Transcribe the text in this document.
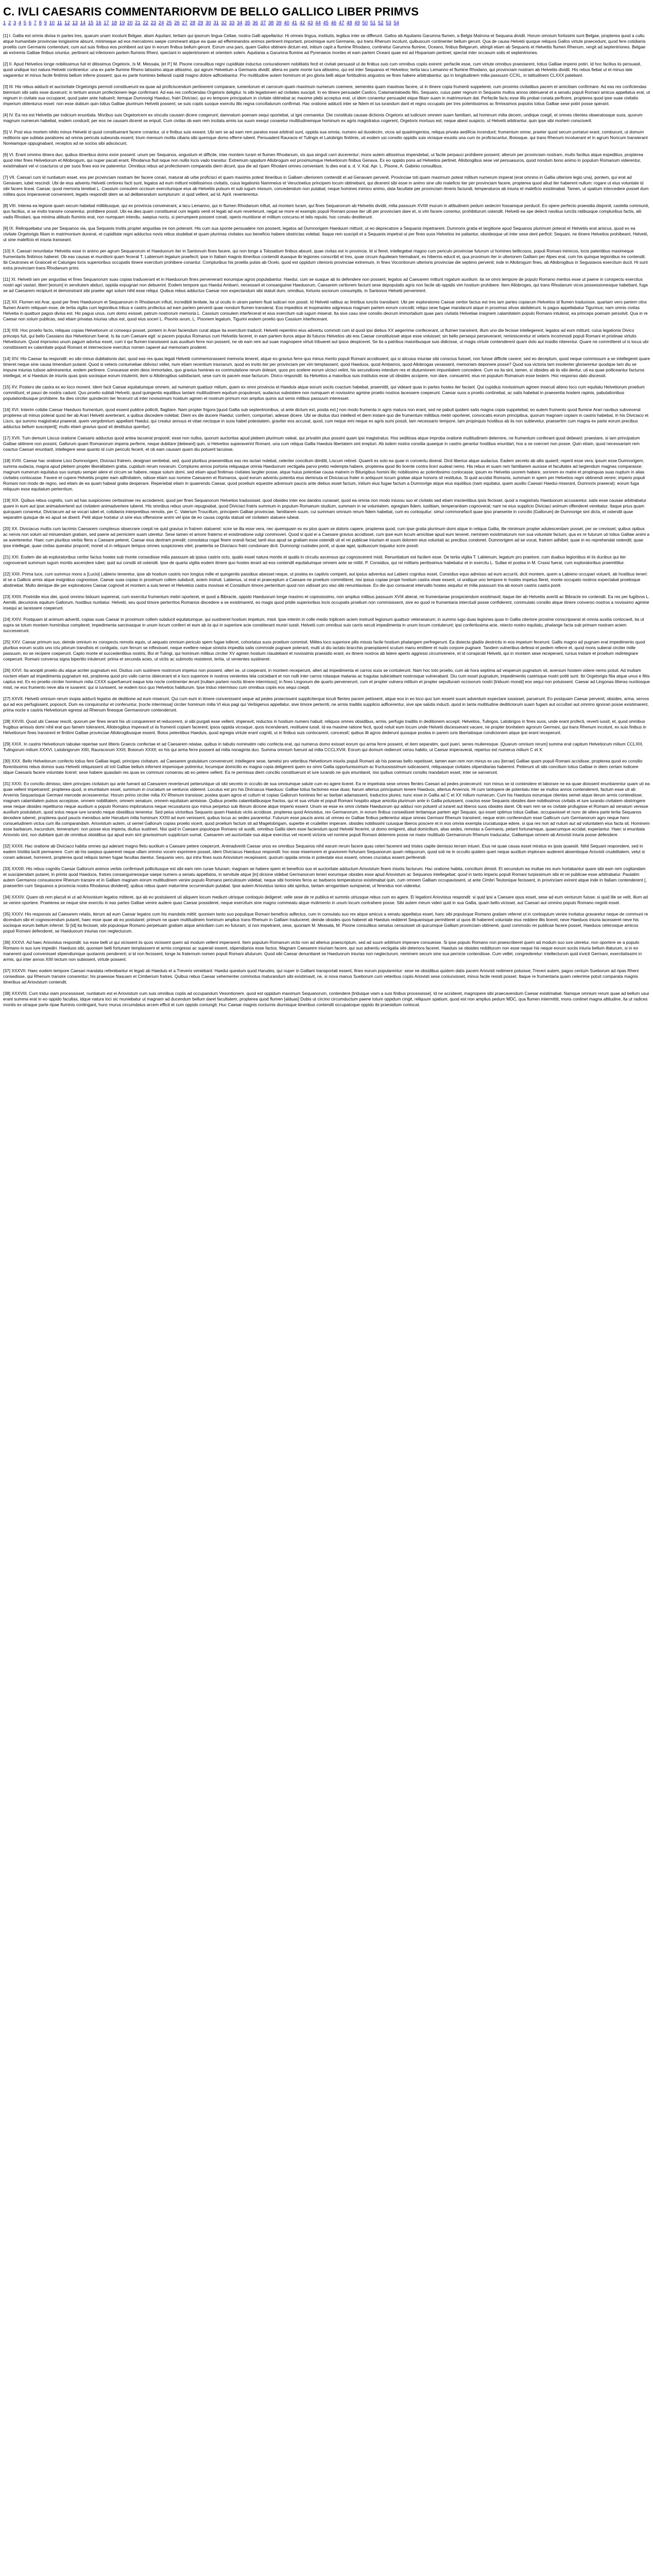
C. IVLI CAESARIS COMMENTARIORVM DE BELLO GALLICO LIBER PRIMVS
1 2 3 4 5 6 7 8 9 10 11 12 13 14 15 16 17 18 19 20 21 22 23 24 25 26 27 28 29 30 31 32 33 34 35 36 37 38 39 40 41 42 43 44 45 46 47 48 49 50 51 52 53 54

[1] I. Gallia est omnis divisa in partes tres, quarum unam incolunt Belgae, aliam Aquitani, tertiam qui ipsorum lingua Celtae, nostra Galli appellantur. Hi omnes lingua, institutis, legibus inter se differunt. Gallos ab Aquitanis Garumna flumen, a Belgis Matrona et Sequana dividit. Horum omnium fortissimi sunt Belgae, propterea quod a cultu atque humanitate provinciae longissime absunt, minimeque ad eos mercatores saepe commeant atque ea quae ad effeminandos animos pertinent important, proximique sunt Germanis, qui trans Rhenum incolunt, quibuscum continenter bellum gerunt. Qua de causa Helvetii quoque reliquos Gallos virtute praecedunt, quod fere cotidianis proeliis cum Germanis contendunt, cum aut suis finibus eos prohibent aut ipsi in eorum finibus bellum gerunt. Eorum una pars, quam Gallos obtinere dictum est, initium capit a flumine Rhodano, continetur Garumna flumine, Oceano, finibus Belgarum, attingit etiam ab Sequanis et Helvetiis flumen Rhenum, vergit ad septentriones. Belgae ab extremis Galliae finibus oriuntur, pertinent ad inferiorem partem fluminis Rheni, spectant in septentrionem et orientem solem. Aquitania a Garumna flumine ad Pyrenaeos montes et eam partem Oceani quae est ad Hispaniam pertinet; spectat inter occasum solis et septentriones.

[2] II. Apud Helvetios longe nobilissimus fuit et ditissimus Orgetorix. Is M. Messala, [et P.] M. Pisone consulibus regni cupiditate inductus coniurationem nobilitatis fecit et civitati persuasit ut de finibus suis cum omnibus copiis exirent: perfacile esse, cum virtute omnibus praestarent, totius Galliae imperio potiri. Id hoc facilius iis persuasit, quod undique loci natura Helvetii continentur: una ex parte flumine Rheno latissimo atque altissimo, qui agrum Helvetium a Germanis dividit; altera ex parte monte Iura altissimo, qui est inter Sequanos et Helvetios; tertia lacu Lemanno et flumine Rhodano, qui provinciam nostram ab Helvetiis dividit. His rebus fiebat ut et minus late vagarentur et minus facile finitimis bellum inferre possent; qua ex parte homines bellandi cupidi magno dolore adficiebantur. Pro multitudine autem hominum et pro gloria belli atque fortitudinis angustos se fines habere arbitrabantur, qui in longitudinem milia passuum CCXL, in latitudinem CLXXX patebant.

[3] III. His rebus adducti et auctoritate Orgetorigis permoti constituerunt ea quae ad proficiscendum pertinerent comparare, iumentorum et carrorum quam maximum numerum coemere, sementes quam maximas facere, ut in itinere copia frumenti suppeteret, cum proximis civitatibus pacem et amicitiam confirmare. Ad eas res conficiendas biennium sibi satis esse duxerunt; in tertium annum profectionem lege confirmant. Ad eas res conficiendas Orgetorix deligitur. Is sibi legationem ad civitates suscipit. In eo itinere persuadet Castico, Catamantaloedis filio, Sequano, cuius pater regnum in Sequanis multos annos obtinuerat et a senatu populi Romani amicus appellatus erat, ut regnum in civitate sua occuparet, quod pater ante habuerit; itemque Dumnorigi Haeduo, fratri Diviciaci, qui eo tempore principatum in civitate obtinebat ac maxime plebi acceptus erat, ut idem conaretur persuadet eique filiam suam in matrimonium dat. Perfacile factu esse illis probat conata perficere, propterea quod ipse suae civitatis imperium obtenturus esset: non esse dubium quin totius Galliae plurimum Helvetii possent; se suis copiis suoque exercitu illis regna conciliaturum confirmat. Hac oratione adducti inter se fidem et ius iurandum dant et regno occupato per tres potentissimos ac firmissimos populos totius Galliae sese potiri posse sperant.

[4] IV. Ea res est Helvetiis per indicium enuntiata. Moribus suis Orgetoricem ex vinculis causam dicere coegerunt; damnatum poenam sequi oportebat, ut igni cremaretur. Die constituta causae dictionis Orgetorix ad iudicium omnem suam familiam, ad hominum milia decem, undique coegit, et omnes clientes obaeratosque suos, quorum magnum numerum habebat, eodem conduxit; per eos ne causam diceret se eripuit. Cum civitas ob eam rem incitata armis ius suum exequi conaretur multitudinemque hominum ex agris magistratus cogerent, Orgetorix mortuus est; neque abest suspicio, ut Helvetii arbitrantur, quin ipse sibi mortem consciverit.

[5] V. Post eius mortem nihilo minus Helvetii id quod constituerant facere conantur, ut e finibus suis exeant. Ubi iam se ad eam rem paratos esse arbitrati sunt, oppida sua omnia, numero ad duodecim, vicos ad quadringentos, reliqua privata aedificia incendunt; frumentum omne, praeter quod secum portaturi erant, comburunt, ut domum reditionis spe sublata paratiores ad omnia pericula subeunda essent; trium mensum molita cibaria sibi quemque domo efferre iubent. Persuadent Rauracis et Tulingis et Latobrigis finitimis, uti eodem usi consilio oppidis suis vicisque exustis una cum iis proficiscantur, Boiosque, qui trans Rhenum incoluerant et in agrum Noricum transierant Noreiamque oppugnabant, receptos ad se socios sibi adsciscunt.

[6] VI. Erant omnino itinera duo, quibus itineribus domo exire possent: unum per Sequanos, angustum et difficile, inter montem Iuram et flumen Rhodanum, vix qua singuli carri ducerentur; mons autem altissimus impendebat, ut facile perpauci prohibere possent; alterum per provinciam nostram, multo facilius atque expeditius, propterea quod inter fines Helvetiorum et Allobrogum, qui nuper pacati erant, Rhodanus fluit isque non nullis locis vado transitur. Extremum oppidum Allobrogum est proximumque Helvetiorum finibus Genava. Ex eo oppido pons ad Helvetios pertinet. Allobrogibus sese vel persuasuros, quod nondum bono animo in populum Romanum viderentur, existimabant vel vi coacturos ut per suos fines eos ire paterentur. Omnibus rebus ad profectionem comparatis diem dicunt, qua die ad ripam Rhodani omnes conveniant. Is dies erat a. d. V. Kal. Apr. L. Pisone, A. Gabinio consulibus.

[7] VII. Caesari cum id nuntiatum esset, eos per provinciam nostram iter facere conari, maturat ab urbe proficisci et quam maximis potest itineribus in Galliam ulteriorem contendit et ad Genavam pervenit. Provinciae toti quam maximum potest militum numerum imperat (erat omnino in Gallia ulteriore legio una), pontem, qui erat ad Genavam, iubet rescindi. Ubi de eius adventu Helvetii certiores facti sunt, legatos ad eum mittunt nobilissimos civitatis, cuius legationis Nammeius et Verucloetius principem locum obtinebant, qui dicerent sibi esse in animo sine ullo maleficio iter per provinciam facere, propterea quod aliud iter haberent nullum: rogare ut eius voluntate id sibi facere liceat. Caesar, quod memoria tenebat L. Cassium consulem occisum exercitumque eius ab Helvetiis pulsum et sub iugum missum, concedendum non putabat; neque homines inimico animo, data facultate per provinciam itineris faciundi, temperaturos ab iniuria et maleficio existimabat. Tamen, ut spatium intercedere posset dum milites quos imperaverat convenirent, legatis respondit diem se ad deliberandum sumpturum: si quid vellent, ad Id. April. reverterentur.

[8] VIII. Interea ea legione quam secum habebat militibusque, qui ex provincia convenerant, a lacu Lemanno, qui in flumen Rhodanum influit, ad montem Iuram, qui fines Sequanorum ab Helvetiis dividit, milia passuum XVIIII murum in altitudinem pedum sedecim fossamque perducit. Eo opere perfecto praesidia disponit, castella communit, quo facilius, si se invito transire conarentur, prohibere possit. Ubi ea dies quam constituerat cum legatis venit et legati ad eum reverterunt, negat se more et exemplo populi Romani posse iter ulli per provinciam dare et, si vim facere conentur, prohibiturum ostendit. Helvetii ea spe deiecti navibus iunctis ratibusque compluribus factis, alii vadis Rhodani, qua minima altitudo fluminis erat, non numquam interdiu, saepius noctu, si perrumpere possent conati, operis munitione et militum concursu et telis repulsi, hoc conatu destiterunt.

[9] IX. Relinquebatur una per Sequanos via, qua Sequanis invitis propter angustias ire non poterant. His cum sua sponte persuadere non possent, legatos ad Dumnorigem Haeduum mittunt, ut eo deprecatore a Sequanis impetrarent. Dumnorix gratia et largitione apud Sequanos plurimum poterat et Helvetiis erat amicus, quod ex ea civitate Orgetorigis filiam in matrimonium duxerat, et cupiditate regni adductus novis rebus studebat et quam plurimas civitates suo beneficio habere obstrictas volebat. Itaque rem suscipit et a Sequanis impetrat ut per fines suos Helvetios ire patiantur, obsidesque uti inter sese dent perficit: Sequani, ne itinere Helvetios prohibeant, Helvetii, ut sine maleficio et iniuria transeant.

[10] X. Caesari renuntiatur Helvetiis esse in animo per agrum Sequanorum et Haeduorum iter in Santonum fines facere, qui non longe a Tolosatium finibus absunt, quae civitas est in provincia. Id si fieret, intellegebat magno cum periculo provinciae futurum ut homines bellicosos, populi Romani inimicos, locis patentibus maximeque frumentariis finitimos haberet. Ob eas causas ei munitioni quam fecerat T. Labienum legatum praefecit; ipse in Italiam magnis itineribus contendit duasque ibi legiones conscribit et tres, quae circum Aquileiam hiemabant, ex hibernis educit et, qua proximum iter in ulteriorem Galliam per Alpes erat, cum his quinque legionibus ire contendit. Ibi Ceutrones et Graioceli et Caturiges locis superioribus occupatis itinere exercitum prohibere conantur. Compluribus his proeliis pulsis ab Ocelo, quod est oppidum citerioris provinciae extremum, in fines Vocontiorum ulterioris provinciae die septimo pervenit; inde in Allobrogum fines, ab Allobrogibus in Segusiavos exercitum ducit. Hi sunt extra provinciam trans Rhodanum primi.

[11] XI. Helvetii iam per angustias et fines Sequanorum suas copias traduxerant et in Haeduorum fines pervenerant eorumque agros populabantur. Haedui, cum se suaque ab iis defendere non possent, legatos ad Caesarem mittunt rogatum auxilium: ita se omni tempore de populo Romano meritos esse ut paene in conspectu exercitus nostri agri vastari, liberi [eorum] in servitutem abduci, oppida expugnari non debuerint. Eodem tempore quo Haedui Ambarri, necessarii et consanguinei Haeduorum, Caesarem certiorem faciunt sese depopulatis agris non facile ab oppidis vim hostium prohibere. Item Allobroges, qui trans Rhodanum vicos possessionesque habebant, fuga se ad Caesarem recipiunt et demonstrant sibi praeter agri solum nihil esse reliqui. Quibus rebus adductus Caesar non expectandum sibi statuit dum, omnibus, fortunis sociorum consumptis, in Santonos Helvetii pervenirent.

[12] XII. Flumen est Arar, quod per fines Haeduorum et Sequanorum in Rhodanum influit, incredibili lenitate, ita ut oculis in utram partem fluat iudicari non possit. Id Helvetii ratibus ac lintribus iunctis transibant. Ubi per exploratores Caesar certior factus est tres iam partes copiarum Helvetios id flumen traduxisse, quartam vero partem citra flumen Ararim reliquam esse, de tertia vigilia cum legionibus tribus e castris profectus ad eam partem pervenit quae nondum flumen transierat. Eos impeditos et inopinantes adgressus magnam partem eorum concidit; reliqui sese fugae mandarunt atque in proximas silvas abdiderunt. Is pagus appellabatur Tigurinus; nam omnis civitas Helvetia in quattuor pagos divisa est. Hic pagus unus, cum domo exisset, patrum nostrorum memoria L. Cassium consulem interfecerat et eius exercitum sub iugum miserat. Ita sive casu sive consilio deorum immortalium quae pars civitatis Helvetiae insignem calamitatem populo Romano intulerat, ea princeps poenam persolvit. Qua in re Caesar non solum publicas, sed etiam privatas iniurias ultus est, quod eius soceri L. Pisonis avum, L. Pisonem legatum, Tigurini eodem proelio quo Cassium interfecerant.

[13] XIII. Hoc proelio facto, reliquas copias Helvetiorum ut consequi posset, pontem in Arari faciendum curat atque ita exercitum traducit. Helvetii repentino eius adventu commoti cum id quod ipsi diebus XX aegerrime confecerant, ut flumen transirent, illum uno die fecisse intellegerent, legatos ad eum mittunt; cuius legationis Divico princeps fuit, qui bello Cassiano dux Helvetiorum fuerat. Is ita cum Caesare egit: si pacem populus Romanus cum Helvetiis faceret, in eam partem ituros atque ibi futuros Helvetios ubi eos Caesar constituisset atque esse voluisset; sin bello persequi perseveraret, reminisceretur et veteris incommodi populi Romani et pristinae virtutis Helvetiorum. Quod improviso unum pagum adortus esset, cum ii qui flumen transissent suis auxilium ferre non possent, ne ob eam rem aut suae magnopere virtuti tribueret aut ipsos despiceret. Se ita a patribus maioribusque suis didicisse, ut magis virtute contenderent quam dolo aut insidiis niterentur. Quare ne committeret ut is locus ubi constitissent ex calamitate populi Romani et internecione exercitus nomen caperet aut memoriam proderet.

[14] XIV. His Caesar ita respondit: eo sibi minus dubitationis dari, quod eas res quas legati Helvetii commemorassent memoria teneret, atque eo gravius ferre quo minus merito populi Romani accidissent; qui si alicuius iniuriae sibi conscius fuisset, non fuisse difficile cavere; sed eo deceptum, quod neque commissum a se intellegeret quare timeret neque sine causa timendum putaret. Quod si veteris contumeliae oblivisci vellet, num etiam recentium iniuriarum, quod eo invito iter per provinciam per vim temptassent, quod Haeduos, quod Ambarros, quod Allobrogas vexassent, memoriam deponere posse? Quod sua victoria tam insolenter gloriarentur quodque tam diu se impune iniurias tulisse admirarentur, eodem pertinere. Consuesse enim deos immortales, quo gravius homines ex commutatione rerum doleant, quos pro scelere eorum ulcisci velint, his secundiores interdum res et diuturniorem impunitatem concedere. Cum ea ita sint, tamen, si obsides ab iis sibi dentur, uti ea quae polliceantur facturos intellegat, et si Haeduis de iniuriis quas ipsis sociisque eorum intulerint, item si Allobrogibus satisfaciant, sese cum iis pacem esse facturum. Divico respondit: ita Helvetios a maioribus suis institutos esse uti obsides accipere, non dare, consuerint; eius rei populum Romanum esse testem. Hoc responso dato discessit.

[15] XV. Postero die castra ex eo loco movent. Idem facit Caesar equitatumque omnem, ad numerum quattuor milium, quem ex omni provincia et Haeduis atque eorum sociis coactum habebat, praemittit, qui videant quas in partes hostes iter faciant. Qui cupidius novissimum agmen insecuti alieno loco cum equitatu Helvetiorum proelium committunt; et pauci de nostris cadunt. Quo proelio sublati Helvetii, quod quingentis equitibus tantam multitudinem equitum propulerant, audacius subsistere non numquam et novissimo agmine proelio nostros lacessere coeperunt. Caesar suos a proelio continebat, ac satis habebat in praesentia hostem rapinis, pabulationibus populationibusque prohibere. Ita dies circiter quindecim iter fecerunt uti inter novissimum hostium agmen et nostrum primum non amplius quinis aut senis milibus passuum interesset.

[16] XVI. Interim cotidie Caesar Haeduos frumentum, quod essent publice polliciti, flagitare. Nam propter frigora [quod Gallia sub septentrionibus, ut ante dictum est, posita est,] non modo frumenta in agris matura non erant, sed ne pabuli quidem satis magna copia suppetebat; eo autem frumento quod flumine Arari navibus subvexerat propterea uti minus poterat quod iter ab Arari Helvetii averterant, a quibus discedere nolebat. Diem ex die ducere Haedui; conferri, comportari, adesse dicere. Ubi se diutius duci intellexit et diem instare quo die frumentum militibus metiri oporteret, convocatis eorum principibus, quorum magnam copiam in castris habebat, in his Diviciaco et Lisco, qui summo magistratui praeerat, quem vergobretum appellant Haedui, qui creatur annuus et vitae necisque in suos habet potestatem, graviter eos accusat, quod, cum neque emi neque ex agris sumi possit, tam necessario tempore, tam propinquis hostibus ab iis non sublevetur, praesertim cum magna ex parte eorum precibus adductus bellum susceperit[; multo etiam gravius quod sit destitutus queritur].

[17] XVII. Tum demum Liscus oratione Caesaris adductus quod antea tacuerat proponit: esse non nullos, quorum auctoritas apud plebem plurimum valeat, qui privatim plus possint quam ipsi magistratus. Hos seditiosa atque improba oratione multitudinem deterrere, ne frumentum conferant quod debeant: praestare, si iam principatum Galliae obtinere non possint, Gallorum quam Romanorum imperia perferre, neque dubitare [debeant] quin, si Helvetios superaverint Romani, una cum reliqua Gallia Haeduis libertatem sint erepturi. Ab isdem nostra consilia quaeque in castris gerantur hostibus enuntiari; hos a se coerceri non posse. Quin etiam, quod necessariam rem coactus Caesari enuntiarit, intellegere sese quanto id cum periculo fecerit, et ob eam causam quam diu potuerit tacuisse.

[18] XVIII. Caesar hac oratione Lisci Dumnorigem, Diviciaci fratrem, designari sentiebat, sed, quod pluribus praesentibus eas res iactari nolebat, celeriter concilium dimittit, Liscum retinet. Quaerit ex solo ea quae in conventu dixerat. Dicit liberius atque audacius. Eadem secreto ab aliis quaerit; reperit esse vera: ipsum esse Dumnorigem, summa audacia, magna apud plebem propter liberalitatem gratia, cupidum rerum novarum. Complures annos portoria reliquaque omnia Haeduorum vectigalia parvo pretio redempta habere, propterea quod illo licente contra liceri audeat nemo. His rebus et suam rem familiarem auxisse et facultates ad largiendum magnas comparasse; magnum numerum equitatus suo sumptu semper alere et circum se habere, neque solum domi, sed etiam apud finitimas civitates largiter posse, atque huius potentiae causa matrem in Biturigibus homini illic nobilissimo ac potentissimo conlocasse; ipsum ex Helvetiis uxorem habere, sororem ex matre et propinquas suas nuptum in alias civitates conlocasse. Favere et cupere Helvetiis propter eam adfinitatem, odisse etiam suo nomine Caesarem et Romanos, quod eorum adventu potentia eius deminuta et Diviciacus frater in antiquum locum gratiae atque honoris sit restitutus. Si quid accidat Romanis, summam in spem per Helvetios regni obtinendi venire; imperio populi Romani non modo de regno, sed etiam de ea quam habeat gratia desperare. Reperiebat etiam in quaerendo Caesar, quod proelium equestre adversum paucis ante diebus esset factum, initium eius fugae factum a Dumnorige atque eius equitibus (nam equitatui, quem auxilio Caesari Haedui miserant, Dumnorix praeerat): eorum fuga reliquum esse equitatum perterritum.

[19] XIX. Quibus rebus cognitis, cum ad has suspiciones certissimae res accederent, quod per fines Sequanorum Helvetios traduxisset, quod obsides inter eos dandos curasset, quod ea omnia non modo iniussu suo et civitatis sed etiam inscientibus ipsis fecisset, quod a magistratu Haeduorum accusaretur, satis esse causae arbitrabatur quare in eum aut ipse animadverteret aut civitatem animadvertere iuberet. His omnibus rebus unum repugnabat, quod Diviciaci fratris summum in populum Romanum studium, summam in se voluntatem, egregiam fidem, iustitiam, temperantiam cognoverat; nam ne eius supplicio Diviciaci animum offenderet verebatur. Itaque prius quam quicquam conaretur, Diviciacum ad se vocari iubet et, cotidianis interpretibus remotis, per C. Valerium Troucillum, principem Galliae provinciae, familiarem suum, cui summam omnium rerum fidem habebat, cum eo conloquitur; simul commonefacit quae ipso praesente in concilio [Gallorum] de Dumnorige sint dicta, et ostendit quae separatim quisque de eo apud se dixerit. Petit atque hortatur ut sine eius offensione animi vel ipse de eo causa cognita statuat vel civitatem statuere iubeat.

[20] XX. Diviciacus multis cum lacrimis Caesarem complexus obsecrare coepit ne quid gravius in fratrem statueret: scire se illa esse vera, nec quemquam ex eo plus quam se doloris capere, propterea quod, cum ipse gratia plurimum domi atque in reliqua Gallia, ille minimum propter adulescentiam posset, per se crevisset; quibus opibus ac nervis non solum ad minuendam gratiam, sed paene ad perniciem suam uteretur. Sese tamen et amore fraterno et existimatione vulgi commoveri. Quod si quid ei a Caesare gravius accidisset, cum ipse eum locum amicitiae apud eum teneret, neminem existimaturum non sua voluntate factum; qua ex re futurum uti totius Galliae animi a se averterentur. Haec cum pluribus verbis flens a Caesare peteret, Caesar eius dextram prendit; consolatus rogat finem orandi faciat; tanti eius apud se gratiam esse ostendit uti et rei publicae iniuriam et suum dolorem eius voluntati ac precibus condonet. Dumnorigem ad se vocat, fratrem adhibet; quae in eo reprehendat ostendit; quae ipse intellegat, quae civitas queratur proponit; monet ut in reliquum tempus omnes suspiciones vitet; praeterita se Diviciaco fratri condonare dicit. Dumnorigi custodes ponit, ut quae agat, quibuscum loquatur scire possit.

[21] XXI. Eodem die ab exploratoribus certior factus hostes sub monte consedisse milia passuum ab ipsius castris octo, qualis esset natura montis et qualis in circuitu ascensus qui cognoscerent misit. Renuntiatum est facilem esse. De tertia vigilia T. Labienum, legatum pro praetore, cum duabus legionibus et iis ducibus qui iter cognoverant summum iugum montis ascendere iubet; quid sui consilii sit ostendit. Ipse de quarta vigilia eodem itinere quo hostes ierant ad eos contendit equitatumque omnem ante se mittit. P. Considius, qui rei militaris peritissimus habebatur et in exercitu L. Sullae et postea in M. Crassi fuerat, cum exploratoribus praemittitur.

[22] XXII. Prima luce, cum summus mons a [Lucio] Labieno teneretur, ipse ab hostium castris non longius mille et quingentis passibus abesset neque, ut postea ex captivis comperit, aut ipsius adventus aut Labieni cognitus esset, Considius equo admisso ad eum accurrit, dicit montem, quem a Labieno occupari voluerit, ab hostibus teneri: id se a Gallicis armis atque insignibus cognovisse. Caesar suas copias in proximum collem subducit, aciem instruit. Labienus, ut erat ei praeceptum a Caesare ne proelium committeret, nisi ipsius copiae prope hostium castra visae essent, ut undique uno tempore in hostes impetus fieret, monte occupato nostros expectabat proelioque abstinebat. Multo denique die per exploratores Caesar cognovit et montem a suis teneri et Helvetios castra movisse et Considium timore perterritum quod non vidisset pro viso sibi renuntiavisse. Eo die quo consuerat intervallo hostes sequitur et milia passuum tria ab eorum castris castra ponit.

[23] XXIII. Postridie eius diei, quod omnino biduum supererat, cum exercitui frumentum metiri oporteret, et quod a Bibracte, oppido Haeduorum longe maximo et copiosissimo, non amplius milibus passuum XVIII aberat, rei frumentariae prospiciendum existimavit; itaque iter ab Helvetiis avertit ac Bibracte ire contendit. Ea res per fugitivos L. Aemilii, decurionis equitum Gallorum, hostibus nuntiatur. Helvetii, seu quod timore perterritos Romanos discedere a se existimarent, eo magis quod pridie superioribus locis occupatis proelium non commisissent, sive eo quod re frumentaria intercludi posse confiderent, commutato consilio atque itinere converso nostros a novissimo agmine insequi ac lacessere coeperunt.

[24] XXIV. Postquam id animum advertit, copias suas Caesar in proximum collem subducit equitatumque, qui sustineret hostium impetum, misit. Ipse interim in colle medio triplicem aciem instruxit legionum quattuor veteranarum; in summo iugo duas legiones quas in Gallia citeriore proxime conscripserat et omnia auxilia conlocavit, ita ut supra se totum montem hominibus compleret; impedimenta sarcinasque in unum locum conferri et eum ab iis qui in superiore acie constiterant muniri iussit. Helvetii cum omnibus suis carris secuti impedimenta in unum locum contulerunt; ipsi confertissima acie, reiecto nostro equitatu, phalange facta sub primam nostram aciem successerunt.

[25] XXV. Caesar primum suo, deinde omnium ex conspectu remotis equis, ut aequato omnium periculo spem fugae tolleret, cohortatus suos proelium commisit. Milites loco superiore pilis missis facile hostium phalangem perfregerunt. Ea disiecta gladiis destrictis in eos impetum fecerunt. Gallis magno ad pugnam erat impedimento quod pluribus eorum scutis uno ictu pilorum transfixis et conligatis, cum ferrum se inflexisset, neque evellere neque sinistra impedita satis commode pugnare poterant, multi ut diu iactato bracchio praeoptarent scutum manu emittere et nudo corpore pugnare. Tandem vulneribus defessi et pedem referre et, quod mons suberat circiter mille passuum, eo se recipere coeperunt. Capto monte et succedentibus nostris, Boi et Tulingi, qui hominum milibus circiter XV agmen hostium claudebant et novissimis praesidio erant, ex itinere nostros ab latere aperto aggressi circumvenere, et id conspicati Helvetii, qui in montem sese receperant, rursus instare et proelium redintegrare coeperunt. Romani conversa signa bipertito intulerunt: prima et secunda acies, ut victis ac submotis resisteret, tertia, ut venientes sustineret.

[26] XXVI. Ita ancipiti proelio diu atque acriter pugnatum est. Diutius cum sustinere nostrorum impetus non possent, alteri se, ut coeperant, in montem receperunt, alteri ad impedimenta et carros suos se contulerunt. Nam hoc toto proelio, cum ab hora septima ad vesperum pugnatum sit, aversum hostem videre nemo potuit. Ad multam noctem etiam ad impedimenta pugnatum est, propterea quod pro vallo carros obiecerant et e loco superiore in nostros venientes tela coiciebant et non nulli inter carros rotasque mataras ac tragulas subiciebant nostrosque vulnerabant. Diu cum esset pugnatum, impedimentis castrisque nostri potiti sunt. Ibi Orgetorigis filia atque unus e filiis captus est. Ex eo proelio circiter hominum milia CXXX superfuerunt eaque tota nocte continenter ierunt [nullam partem noctis itinere intermisso]; in fines Lingonum die quarto pervenerunt, cum et propter vulnera militum et propter sepulturam occisorum nostri [triduum morati] eos sequi non potuissent. Caesar ad Lingonas litteras nuntiosque misit, ne eos frumento neve alia re iuvarent: qui si iuvissent, se eodem loco quo Helvetios habiturum. Ipse triduo intermisso cum omnibus copiis eos sequi coepit.

[27] XXVII. Helvetii omnium rerum inopia adducti legatos de deditione ad eum miserunt. Qui cum eum in itinere convenissent seque ad pedes proiecissent suppliciterque locuti flentes pacem petissent, atque eos in eo loco quo tum essent suum adventum expectare iussisset, paruerunt. Eo postquam Caesar pervenit, obsides, arma, servos qui ad eos perfugissent, poposcit. Dum ea conquiruntur et conferuntur, [nocte intermissa] circiter hominum milia VI eius pagi qui Verbigenus appellatur, sive timore perterriti, ne armis traditis supplicio adficerentur, sive spe salutis inducti, quod in tanta multitudine dediticiorum suam fugam aut occultari aut omnino ignorari posse existimarent, prima nocte e castris Helvetiorum egressi ad Rhenum finesque Germanorum contenderunt.

[28] XXVIII. Quod ubi Caesar resciit, quorum per fines ierant his uti conquirerent et reducerent, si sibi purgati esse vellent, imperavit; reductos in hostium numero habuit; reliquos omnes obsidibus, armis, perfugis traditis in deditionem accepit. Helvetios, Tulingos, Latobrigos in fines suos, unde erant profecti, reverti iussit, et, quod omnibus frugibus amissis domi nihil erat quo famem tolerarent, Allobrogibus imperavit ut iis frumenti copiam facerent; ipsos oppida vicosque, quos incenderant, restituere iussit. Id ea maxime ratione fecit, quod noluit eum locum unde Helvetii discesserant vacare, ne propter bonitatem agrorum Germani, qui trans Rhenum incolunt, ex suis finibus in Helvetiorum fines transirent et finitimi Galliae provinciae Allobrogibusque essent. Boios petentibus Haeduis, quod egregia virtute erant cogniti, ut in finibus suis conlocarent, concessit; quibus illi agros dederunt quosque postea in parem iuris libertatisque condicionem atque ipsi erant receperunt.

[29] XXIX. In castris Helvetiorum tabulae repertae sunt litteris Graecis confectae et ad Caesarem relatae, quibus in tabulis nominatim ratio confecta erat, qui numerus domo exisset eorum qui arma ferre possent, et item separatim, quot pueri, senes mulieresque. [Quarum omnium rerum] summa erat capitum Helvetiorum milium CCLXIII, Tulingorum milium XXXVI, Latobrigorum XIIII, Rauracorum XXIII, Boiorum XXXII; ex his qui arma ferre possent ad milia nonaginta duo. Summa omnium fuerunt ad milia CCCLXVIII. Eorum qui domum redierunt censu habito, ut Caesar imperaverat, repertus est numerus milium C et X.

[30] XXX. Bello Helvetiorum confecto totius fere Galliae legati, principes civitatum, ad Caesarem gratulatum convenerunt: intellegere sese, tametsi pro veteribus Helvetiorum iniuriis populi Romani ab his poenas bello repetisset, tamen eam rem non minus ex usu [terrae] Galliae quam populi Romani accidisse, propterea quod eo consilio florentissimis rebus domos suas Helvetii reliquissent uti toti Galliae bellum inferrent imperioque potirentur, locumque domicilio ex magna copia deligerent quem ex omni Gallia opportunissimum ac fructuosissimum iudicassent, reliquasque civitates stipendiarias haberent. Petierunt uti sibi concilium totius Galliae in diem certam indicere idque Caesaris facere voluntate liceret: sese habere quasdam res quas ex communi consensu ab eo petere vellent. Ea re permissa diem concilio constituerunt et iure iurando ne quis enuntiaret, nisi quibus communi consilio mandatum esset, inter se sanxerunt.

[31] XXXI. Eo concilio dimisso, idem principes civitatum qui ante fuerant ad Caesarem reverterunt petieruntque uti sibi secreto in occulto de sua omniumque salute cum eo agere liceret. Ea re impetrata sese omnes flentes Caesari ad pedes proiecerunt: non minus se id contendere et laborare ne ea quae dixissent enuntiarentur quam uti ea quae vellent impetrarent; propterea quod, si enuntiatum esset, summum in cruciatum se venturos viderent. Locutus est pro his Diviciacus Haeduus: Galliae totius factiones esse duas; harum alterius principatum tenere Haeduos, alterius Arvernos. Hi cum tantopere de potentatu inter se multos annos contenderent, factum esse uti ab Arvernis Sequanisque Germani mercede arcesserentur. Horum primo circiter milia XV Rhenum transisse; postea quam agros et cultum et copias Gallorum homines feri ac barbari adamassent, traductos plures; nunc esse in Gallia ad C et XX milium numerum. Cum his Haeduos eorumque clientes semel atque iterum armis contendisse; magnam calamitatem pulsos accepisse, omnem nobilitatem, omnem senatum, omnem equitatum amisisse. Quibus proeliis calamitatibusque fractos, qui et sua virtute et populi Romani hospitio atque amicitia plurimum ante in Gallia potuissent, coactos esse Sequanis obsides dare nobilissimos civitatis et iure iurando civitatem obstringere sese neque obsides repetituros neque auxilium a populo Romano imploraturos neque recusaturos quo minus perpetuo sub illorum dicione atque imperio essent. Unum se esse ex omni civitate Haeduorum qui adduci non potuerit ut iuraret aut liberos suos obsides daret. Ob eam rem se ex civitate profugisse et Romam ad senatum venisse auxilium postulatum, quod solus neque iure iurando neque obsidibus teneretur. Sed peius victoribus Sequanis quam Haeduis victis accidisse, propterea quod Ariovistus, rex Germanorum, in eorum finibus consedisset tertiamque partem agri Sequani, qui esset optimus totius Galliae, occupavisset et nunc de altera parte tertia Sequanos decedere iuberet, propterea quod paucis mensibus ante Harudum milia hominum XXIIII ad eum venissent, quibus locus ac sedes pararentur. Futurum esse paucis annis uti omnes ex Galliae finibus pellerentur atque omnes Germani Rhenum transirent; neque enim conferendum esse Gallicum cum Germanorum agro neque hanc consuetudinem victus cum illa comparandam. Ariovistum autem, ut semel Gallorum copias proelio vicerit, quod proelium factum sit ad Magetobrigam, superbe et crudeliter imperare, obsides nobilissimi cuiusque liberos poscere et in eos omnia exempla cruciatusque edere, si qua res non ad nutum aut ad voluntatem eius facta sit. Hominem esse barbarum, iracundum, temerarium: non posse eius imperia, diutius sustineri. Nisi quid in Caesare populoque Romano sit auxilii, omnibus Gallis idem esse faciendum quod Helvetii fecerint, ut domo emigrent, aliud domicilium, alias sedes, remotas a Germanis, petant fortunamque, quaecumque accidat, experiantur. Haec si enuntiata Ariovisto sint, non dubitare quin de omnibus obsidibus qui apud eum sint gravissimum supplicium sumat. Caesarem vel auctoritate sua atque exercitus vel recenti victoria vel nomine populi Romani deterrere posse ne maior multitudo Germanorum Rhenum traducatur, Galliamque omnem ab Ariovisti iniuria posse defendere.

[32] XXXII. Hac oratione ab Diviciaco habita omnes qui aderant magno fletu auxilium a Caesare petere coeperunt. Animadvertit Caesar unos ex omnibus Sequanos nihil earum rerum facere quas ceteri facerent sed tristes capite demisso terram intueri. Eius rei quae causa esset miratus ex ipsis quaesiit. Nihil Sequani respondere, sed in eadem tristitia taciti permanere. Cum ab his saepius quaereret neque ullam omnino vocem exprimere posset, idem Diviciacus Haeduus respondit: hoc esse miseriorem et graviorem fortunam Sequanorum quam reliquorum, quod soli ne in occulto quidem queri neque auxilium implorare auderent absentisque Ariovisti crudelitatem, velut si coram adesset, horrerent, propterea quod reliquis tamen fugae facultas daretur, Sequanis vero, qui intra fines suos Ariovistum recepissent, quorum oppida omnia in potestate eius essent, omnes cruciatus essent perferendi.

[33] XXXIII. His rebus cognitis Caesar Gallorum animos verbis confirmavit pollicitusque est sibi eam rem curae futuram; magnam se habere spem et beneficio suo et auctoritate adductum Ariovistum finem iniuriis facturum. Hac oratione habita, concilium dimisit. Et secundum ea multae res eum hortabantur quare sibi eam rem cogitandam et suscipiendam putaret, in primis quod Haeduos, fratres consanguineosque saepe numero a senatu appellatos, in servitute atque [in] dicione videbat Germanorum teneri eorumque obsides esse apud Ariovistum ac Sequanos intellegebat; quod in tanto imperio populi Romani turpissimum sibi et rei publicae esse arbitrabatur. Paulatim autem Germanos consuescere Rhenum transire et in Galliam magnam eorum multitudinem venire populo Romano periculosum videbat, neque sibi homines feros ac barbaros temperaturos existimabat quin, cum omnem Galliam occupavissent, ut ante Cimbri Teutonique fecissent, in provinciam exirent atque inde in Italiam contenderent [, praesertim cum Sequanos a provincia nostra Rhodanus divideret]; quibus rebus quam maturrime occurrendum putabat. Ipse autem Ariovistus tantos sibi spiritus, tantam arrogantiam sumpserat, ut ferendus non videretur.

[34] XXXIV. Quam ob rem placuit ei ut ad Ariovistum legatos mitteret, qui ab eo postularent uti aliquem locum medium utrisque conloquio deligeret: velle sese de re publica et summis utriusque rebus cum eo agere. Ei legationi Ariovistus respondit: si quid ipsi a Caesare opus esset, sese ad eum venturum fuisse; si quid ille se velit, illum ad se venire oportere. Praeterea se neque sine exercitu in eas partes Galliae venire audere quas Caesar possideret, neque exercitum sine magno commeatu atque molimento in unum locum contrahere posse. Sibi autem mirum videri quid in sua Gallia, quam bello vicisset, aut Caesari aut omnino populo Romano negotii esset.

[35] XXXV. His responsis ad Caesarem relatis, iterum ad eum Caesar legatos cum his mandatis mittit: quoniam tanto suo populique Romani beneficio adfectus, cum in consulatu suo rex atque amicus a senatu appellatus esset, hanc sibi populoque Romano gratiam referret ut in conloquium venire invitatus gravaretur neque de communi re dicendum sibi et cognoscendum putaret, haec esse quae ab eo postularet: primum ne quam multitudinem hominum amplius trans Rhenum in Galliam traduceret; deinde obsides quos haberet ab Haeduis redderet Sequanisque permitteret ut quos illi haberent voluntate eius reddere illis liceret; neve Haeduos iniuria lacesseret neve his sociisque eorum bellum inferret. Si [id] ita fecisset, sibi populoque Romano perpetuam gratiam atque amicitiam cum eo futuram; si non impetraret, sese, quoniam M. Messala, M. Pisone consulibus senatus censuisset uti quicumque Galliam provinciam obtineret, quod commodo rei publicae facere posset, Haeduos ceterosque amicos populi Romani defenderet, se Haeduorum iniurias non neglecturum.

[36] XXXVI. Ad haec Ariovistus respondit: ius esse belli ut qui vicissent iis quos vicissent quem ad modum vellent imperarent. Item populum Romanum victis non ad alterius praescriptum, sed ad suum arbitrium imperare consuesse. Si ipse populo Romano non praescriberet quem ad modum suo iure uteretur, non oportere se a populo Romano in suo iure impediri. Haeduos sibi, quoniam belli fortunam temptassent et armis congressi ac superati essent, stipendiarios esse factos. Magnam Caesarem iniuriam facere, qui suo adventu vectigalia sibi deteriora faceret. Haeduis se obsides redditurum non esse neque his neque eorum sociis iniuria bellum illaturum, si in eo manerent quod convenisset stipendiumque quotannis penderent; si id non fecissent, longe iis fraternum nomen populi Romani afuturum. Quod sibi Caesar denuntiaret se Haeduorum iniurias non neglecturum, neminem secum sine sua pernicie contendisse. Cum vellet, congrederetur: intellecturum quid invicti Germani, exercitatissimi in armis, qui inter annos XIIII tectum non subissent, virtute possent.

[37] XXXVII. Haec eodem tempore Caesari mandata referebantur et legati ab Haeduis et a Treveris veniebant: Haedui questum quod Harudes, qui nuper in Galliam transportati essent, fines eorum popularentur: sese ne obsidibus quidem datis pacem Ariovisti redimere potuisse; Treveri autem, pagos centum Sueborum ad ripas Rheni consedisse, qui Rhenum transire conarentur; his praeesse Nasuam et Cimberium fratres. Quibus rebus Caesar vehementer commotus maturandum sibi existimavit, ne, si nova manus Sueborum cum veteribus copiis Ariovisti sese coniunxisset, minus facile resisti posset. Itaque re frumentaria quam celerrime potuit comparata magnis itineribus ad Ariovistum contendit.

[38] XXXVIII. Cum tridui viam processisset, nuntiatum est ei Ariovistum cum suis omnibus copiis ad occupandum Vesontionem, quod est oppidum maximum Sequanorum, contendere [triduique viam a suis finibus processisse]. Id ne accideret, magnopere sibi praecavendum Caesar existimabat. Namque omnium rerum quae ad bellum usui erant summa erat in eo oppido facultas, idque natura loci sic muniebatur ut magnam ad ducendum bellum daret facultatem, propterea quod flumen [alduas] Dubis ut circino circumductum paene totum oppidum cingit, reliquum spatium, quod est non amplius pedum MDC, qua flumen intermittit, mons continet magna altitudine, ita ut radices montis ex utraque parte ripae fluminis contingant, hunc murus circumdatus arcem efficit et cum oppido coniungit. Huc Caesar magnis nocturnis diurnisque itineribus contendit occupatoque oppido ibi praesidium conlocat.
